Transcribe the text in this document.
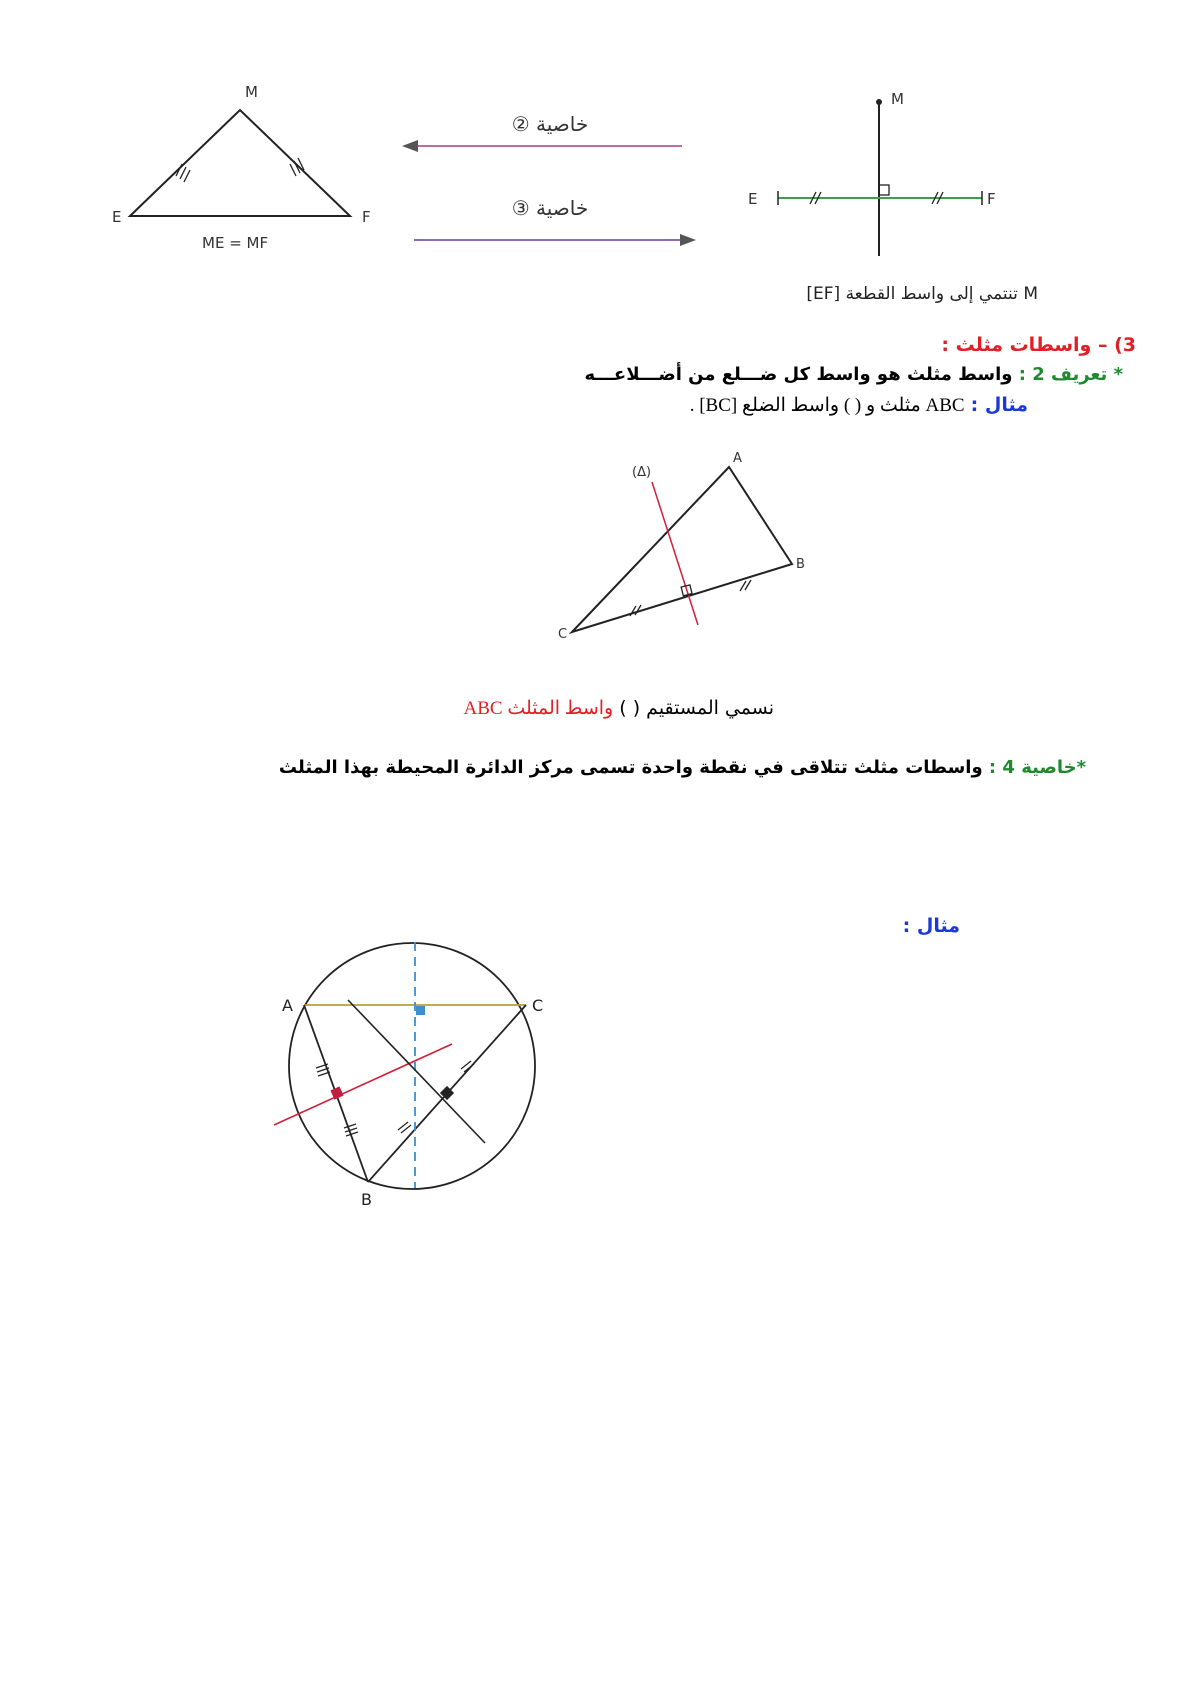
M
E	F
ME = MF
خاصية ②
خاصية ③
M
E	F
M تنتمي إلى واسط القطعة [EF]
3) – واسطات مثلث :
* تعريف 2 : واسط مثلث هو واسط كل ضـــلع من أضـــلاعـــه
مثال : ABC مثلث و ( ) واسط الضلع [BC] .
A
B
C
(Δ)
نسمي المستقيم ( ) واسط المثلث ABC
*خاصية 4 : واسطات مثلث تتلاقى في نقطة واحدة تسمى مركز الدائرة المحيطة بهذا المثلث
مثال :
A	C
B
